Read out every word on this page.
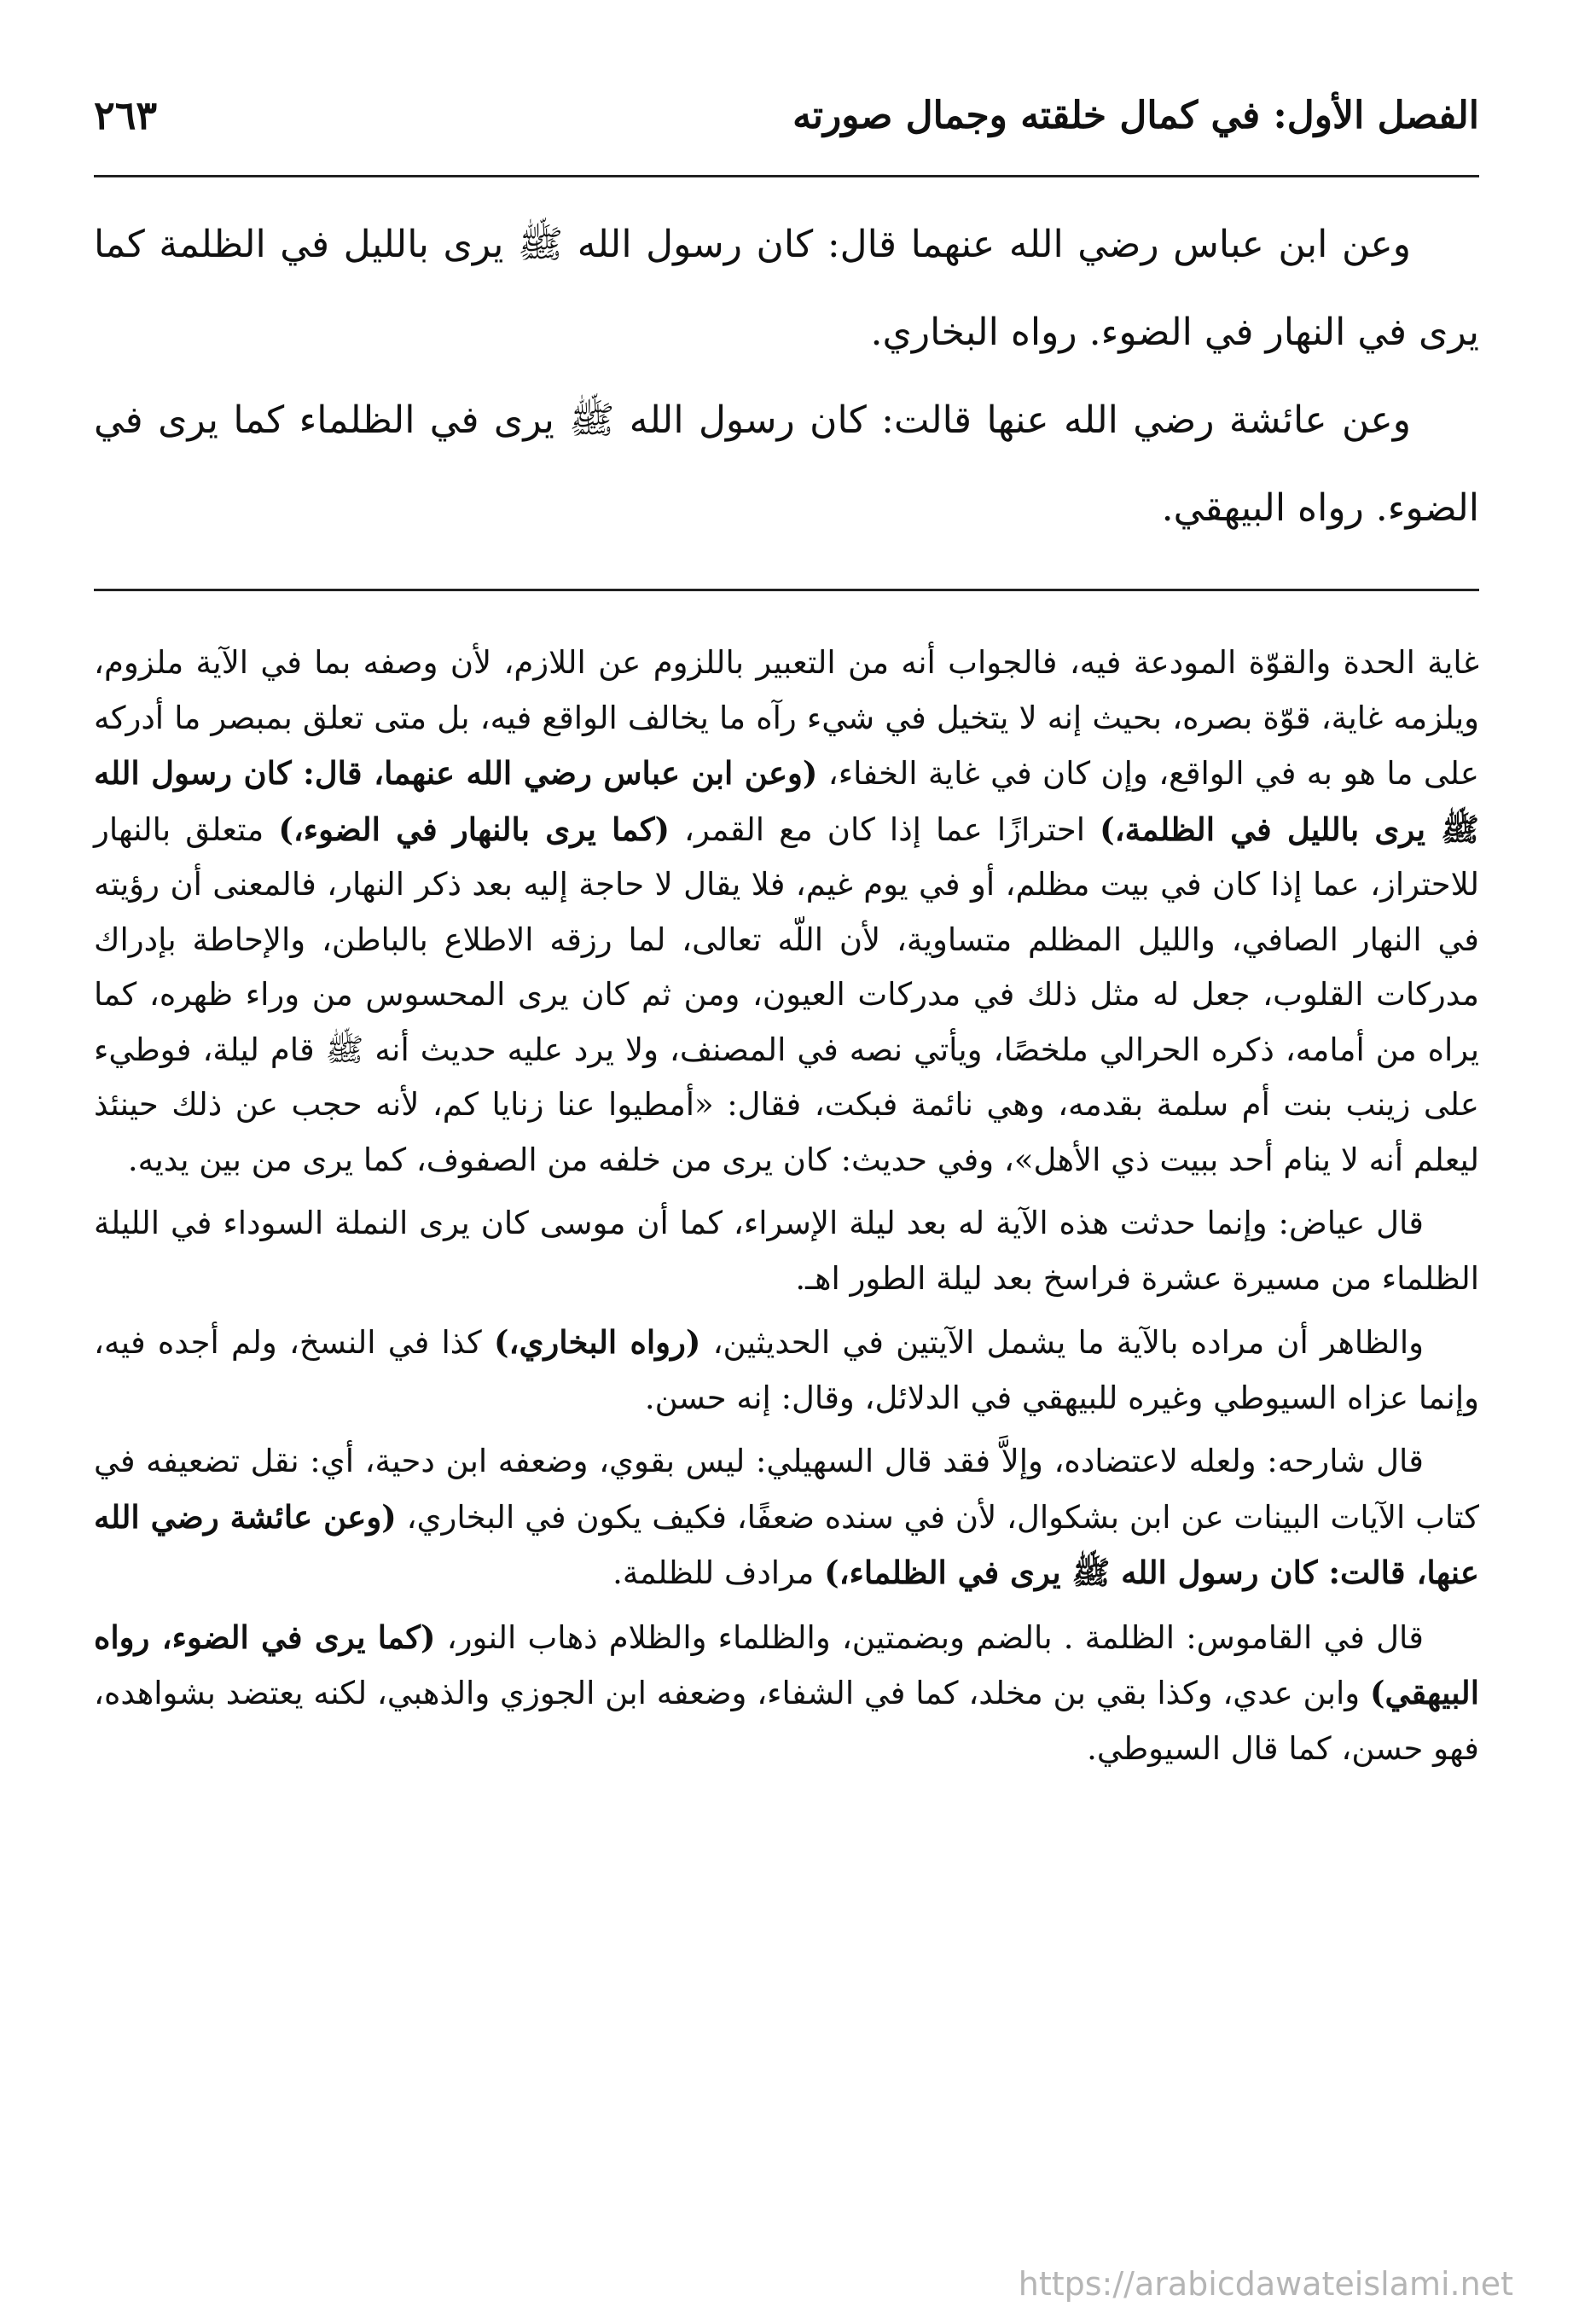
الفصل الأول: في كمال خلقته وجمال صورته
٢٦٣

وعن ابن عباس رضي الله عنهما قال: كان رسول الله ﷺ يرى بالليل في الظلمة كما يرى في النهار في الضوء. رواه البخاري.

وعن عائشة رضي الله عنها قالت: كان رسول الله ﷺ يرى في الظلماء كما يرى في الضوء. رواه البيهقي.

غاية الحدة والقوّة المودعة فيه، فالجواب أنه من التعبير باللزوم عن اللازم، لأن وصفه بما في الآية ملزوم، ويلزمه غاية، قوّة بصره، بحيث إنه لا يتخيل في شيء رآه ما يخالف الواقع فيه، بل متى تعلق بمبصر ما أدركه على ما هو به في الواقع، وإن كان في غاية الخفاء، (وعن ابن عباس رضي الله عنهما، قال: كان رسول الله ﷺ يرى بالليل في الظلمة،) احترازًا عما إذا كان مع القمر، (كما يرى بالنهار في الضوء،) متعلق بالنهار للاحتراز، عما إذا كان في بيت مظلم، أو في يوم غيم، فلا يقال لا حاجة إليه بعد ذكر النهار، فالمعنى أن رؤيته في النهار الصافي، والليل المظلم متساوية، لأن اللّه تعالى، لما رزقه الاطلاع بالباطن، والإحاطة بإدراك مدركات القلوب، جعل له مثل ذلك في مدركات العيون، ومن ثم كان يرى المحسوس من وراء ظهره، كما يراه من أمامه، ذكره الحرالي ملخصًا، ويأتي نصه في المصنف، ولا يرد عليه حديث أنه ﷺ قام ليلة، فوطيء على زينب بنت أم سلمة بقدمه، وهي نائمة فبكت، فقال: «أمطيوا عنا زنايا كم، لأنه حجب عن ذلك حينئذ ليعلم أنه لا ينام أحد ببيت ذي الأهل»، وفي حديث: كان يرى من خلفه من الصفوف، كما يرى من بين يديه.

قال عياض: وإنما حدثت هذه الآية له بعد ليلة الإسراء، كما أن موسى كان يرى النملة السوداء في الليلة الظلماء من مسيرة عشرة فراسخ بعد ليلة الطور اهـ.

والظاهر أن مراده بالآية ما يشمل الآيتين في الحديثين، (رواه البخاري،) كذا في النسخ، ولم أجده فيه، وإنما عزاه السيوطي وغيره للبيهقي في الدلائل، وقال: إنه حسن.

قال شارحه: ولعله لاعتضاده، وإلاَّ فقد قال السهيلي: ليس بقوي، وضعفه ابن دحية، أي: نقل تضعيفه في كتاب الآيات البينات عن ابن بشكوال، لأن في سنده ضعفًا، فكيف يكون في البخاري، (وعن عائشة رضي الله عنها، قالت: كان رسول الله ﷺ يرى في الظلماء،) مرادف للظلمة.

قال في القاموس: الظلمة . بالضم وبضمتين، والظلماء والظلام ذهاب النور، (كما يرى في الضوء، رواه البيهقي) وابن عدي، وكذا بقي بن مخلد، كما في الشفاء، وضعفه ابن الجوزي والذهبي، لكنه يعتضد بشواهده، فهو حسن، كما قال السيوطي.

https://arabicdawateislami.net
